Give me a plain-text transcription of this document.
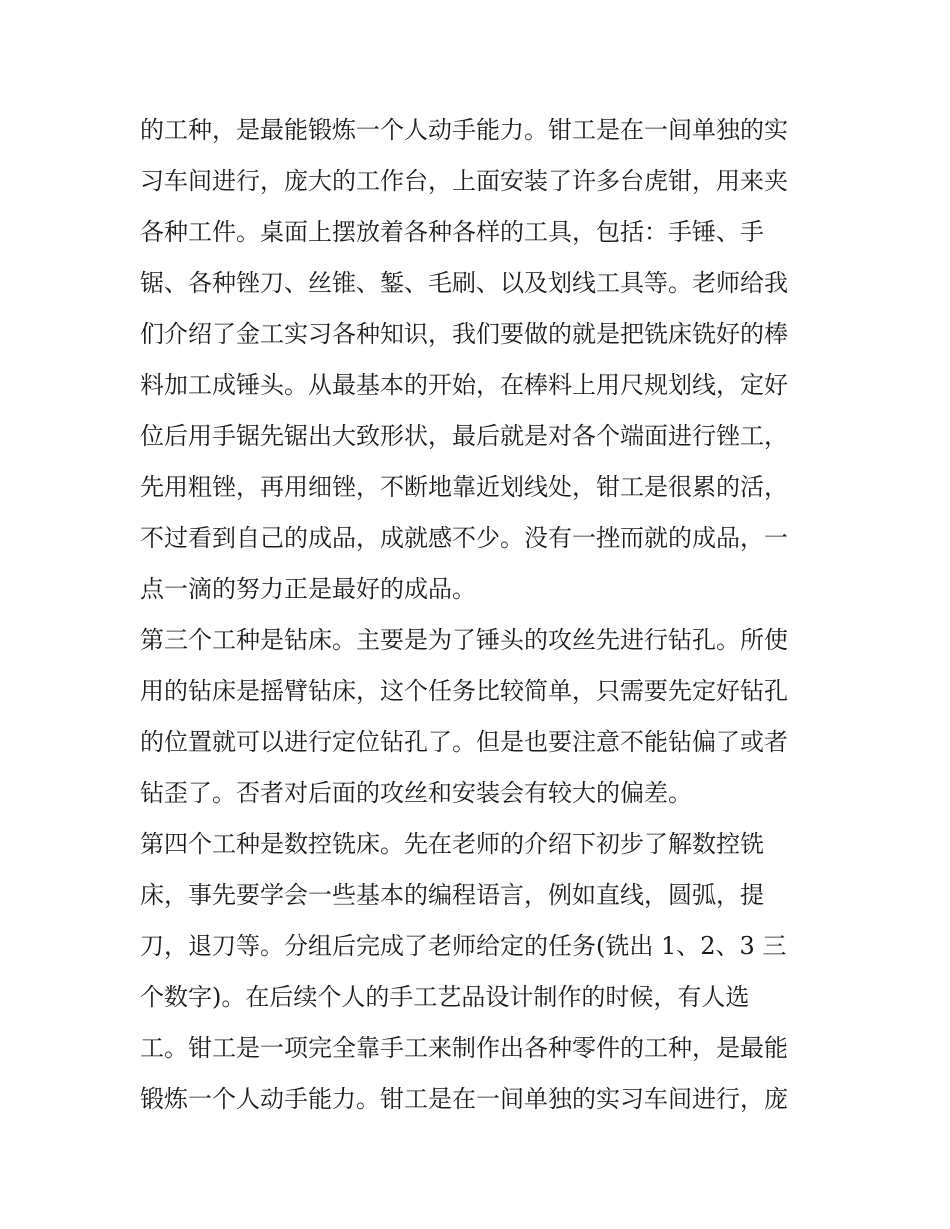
的工种，是最能锻炼一个人动手能力。钳工是在一间单独的实
习车间进行，庞大的工作台，上面安装了许多台虎钳，用来夹
各种工件。桌面上摆放着各种各样的工具，包括：手锤、手
锯、各种锉刀、丝锥、錾、毛刷、以及划线工具等。老师给我
们介绍了金工实习各种知识，我们要做的就是把铣床铣好的棒
料加工成锤头。从最基本的开始，在棒料上用尺规划线，定好
位后用手锯先锯出大致形状，最后就是对各个端面进行锉工，
先用粗锉，再用细锉，不断地靠近划线处，钳工是很累的活，
不过看到自己的成品，成就感不少。没有一挫而就的成品，一
点一滴的努力正是最好的成品。
第三个工种是钻床。主要是为了锤头的攻丝先进行钻孔。所使
用的钻床是摇臂钻床，这个任务比较简单，只需要先定好钻孔
的位置就可以进行定位钻孔了。但是也要注意不能钻偏了或者
钻歪了。否者对后面的攻丝和安装会有较大的偏差。
第四个工种是数控铣床。先在老师的介绍下初步了解数控铣
床，事先要学会一些基本的编程语言，例如直线，圆弧，提
刀，退刀等。分组后完成了老师给定的任务(铣出 1、2、3 三
个数字)。在后续个人的手工艺品设计制作的时候，有人选
工。钳工是一项完全靠手工来制作出各种零件的工种，是最能
锻炼一个人动手能力。钳工是在一间单独的实习车间进行，庞
